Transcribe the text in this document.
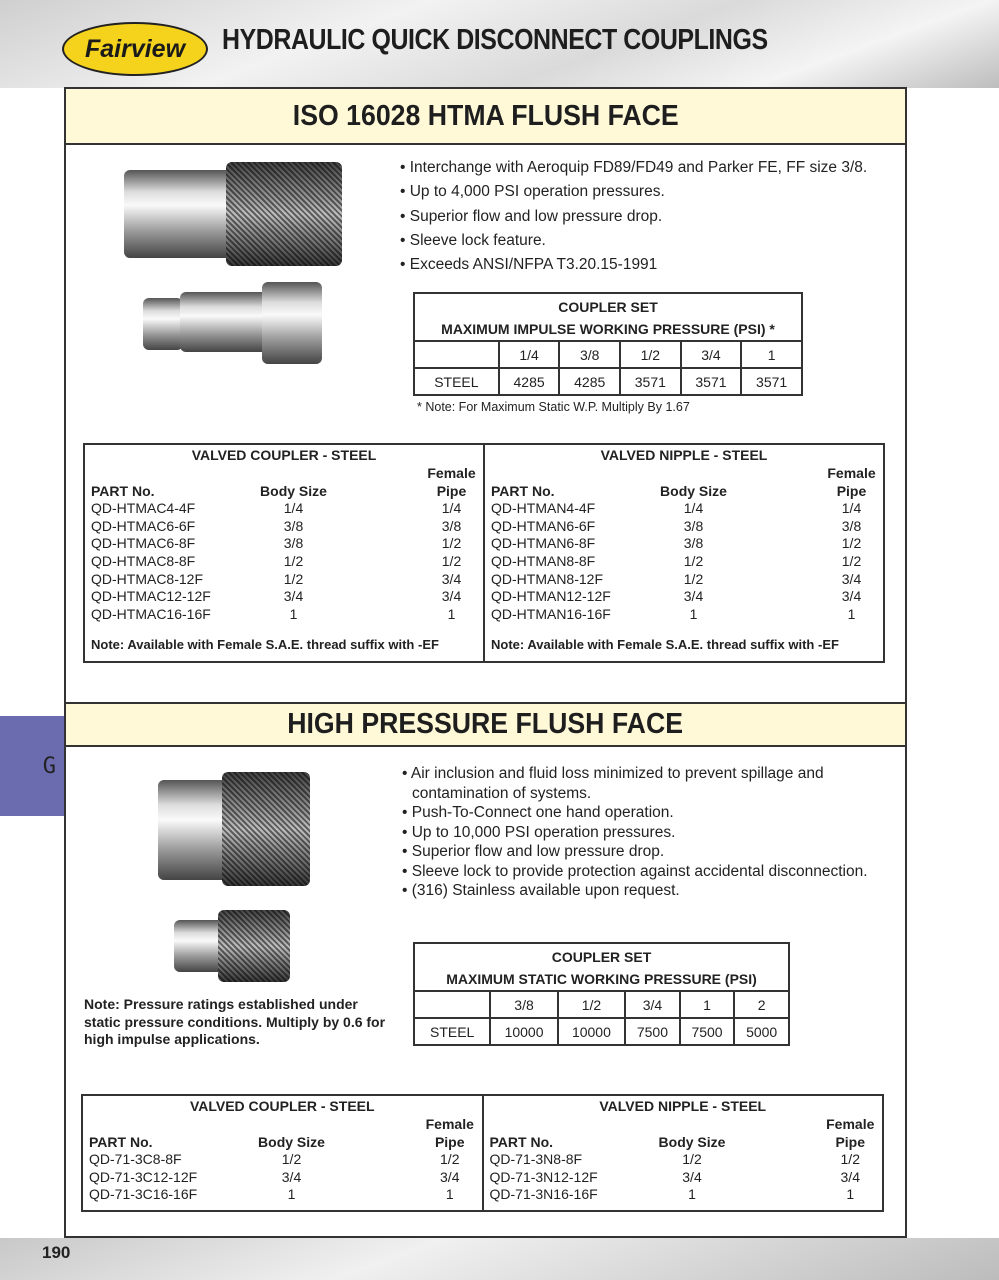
Fairview HYDRAULIC QUICK DISCONNECT COUPLINGS
G
ISO 16028 HTMA FLUSH FACE
• Interchange with Aeroquip FD89/FD49 and Parker FE, FF size 3/8.
• Up to 4,000 PSI operation pressures.
• Superior flow and low pressure drop.
• Sleeve lock feature.
• Exceeds ANSI/NFPA T3.20.15-1991
COUPLER SET
MAXIMUM IMPULSE WORKING PRESSURE (PSI) *					

	1/4	3/8	1/2	3/4	1
STEEL	4285	4285	3571	3571	3571
* Note: For Maximum Static W.P. Multiply By 1.67
VALVED COUPLER - STEEL
Female
PART No.	Body Size	Pipe
QD-HTMAC4-4F	1/4	1/4
QD-HTMAC6-6F	3/8	3/8
QD-HTMAC6-8F	3/8	1/2
QD-HTMAC8-8F	1/2	1/2
QD-HTMAC8-12F	1/2	3/4
QD-HTMAC12-12F	3/4	3/4
QD-HTMAC16-16F	1	1
Note: Available with Female S.A.E. thread suffix with -EF
VALVED NIPPLE - STEEL
Female
PART No.	Body Size	Pipe
QD-HTMAN4-4F	1/4	1/4
QD-HTMAN6-6F	3/8	3/8
QD-HTMAN6-8F	3/8	1/2
QD-HTMAN8-8F	1/2	1/2
QD-HTMAN8-12F	1/2	3/4
QD-HTMAN12-12F	3/4	3/4
QD-HTMAN16-16F	1	1
Note: Available with Female S.A.E. thread suffix with -EF
HIGH PRESSURE FLUSH FACE
• Air inclusion and fluid loss minimized to prevent spillage and contamination of systems.
• Push-To-Connect one hand operation.
• Up to 10,000 PSI operation pressures.
• Superior flow and low pressure drop.
• Sleeve lock to provide protection against accidental disconnection.
• (316) Stainless available upon request.
Note: Pressure ratings established under static pressure conditions. Multiply by 0.6 for high impulse applications.
COUPLER SET
MAXIMUM STATIC WORKING PRESSURE (PSI)					

	3/8	1/2	3/4	1	2
STEEL	10000	10000	7500	7500	5000
VALVED COUPLER - STEEL
Female
PART No.	Body Size	Pipe
QD-71-3C8-8F	1/2	1/2
QD-71-3C12-12F	3/4	3/4
QD-71-3C16-16F	1	1
VALVED NIPPLE - STEEL
Female
PART No.	Body Size	Pipe
QD-71-3N8-8F	1/2	1/2
QD-71-3N12-12F	3/4	3/4
QD-71-3N16-16F	1	1
190
